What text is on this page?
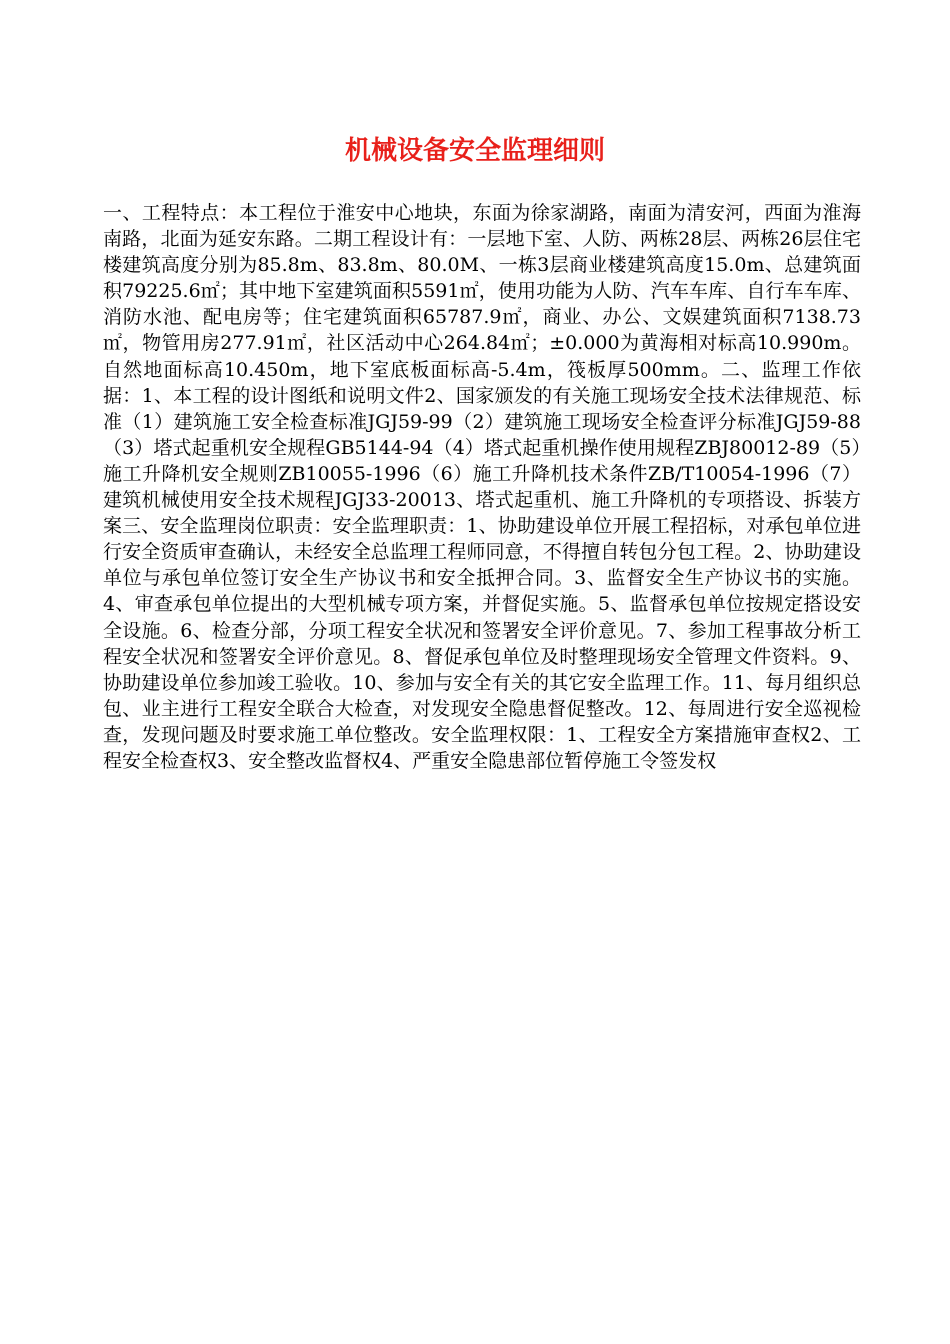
机械设备安全监理细则

一、工程特点：本工程位于淮安中心地块，东面为徐家湖路，南面为清安河，西面为淮海南路，北面为延安东路。二期工程设计有：一层地下室、人防、两栋28层、两栋26层住宅楼建筑高度分别为85.8m、83.8m、80.0M、一栋3层商业楼建筑高度15.0m、总建筑面积79225.6㎡；其中地下室建筑面积5591㎡，使用功能为人防、汽车车库、自行车车库、消防水池、配电房等；住宅建筑面积65787.9㎡，商业、办公、文娱建筑面积7138.73㎡，物管用房277.91㎡，社区活动中心264.84㎡；±0.000为黄海相对标高10.990m。自然地面标高10.450m，地下室底板面标高-5.4m，筏板厚500mm。二、监理工作依据：1、本工程的设计图纸和说明文件2、国家颁发的有关施工现场安全技术法律规范、标准（1）建筑施工安全检查标准JGJ59-99（2）建筑施工现场安全检查评分标准JGJ59-88（3）塔式起重机安全规程GB5144-94（4）塔式起重机操作使用规程ZBJ80012-89（5）施工升降机安全规则ZB10055-1996（6）施工升降机技术条件ZB/T10054-1996（7）建筑机械使用安全技术规程JGJ33-20013、塔式起重机、施工升降机的专项搭设、拆装方案三、安全监理岗位职责：安全监理职责：1、协助建设单位开展工程招标，对承包单位进行安全资质审查确认，未经安全总监理工程师同意，不得擅自转包分包工程。2、协助建设单位与承包单位签订安全生产协议书和安全抵押合同。3、监督安全生产协议书的实施。4、审查承包单位提出的大型机械专项方案，并督促实施。5、监督承包单位按规定搭设安全设施。6、检查分部，分项工程安全状况和签署安全评价意见。7、参加工程事故分析工程安全状况和签署安全评价意见。8、督促承包单位及时整理现场安全管理文件资料。9、协助建设单位参加竣工验收。10、参加与安全有关的其它安全监理工作。11、每月组织总包、业主进行工程安全联合大检查，对发现安全隐患督促整改。12、每周进行安全巡视检查，发现问题及时要求施工单位整改。安全监理权限：1、工程安全方案措施审查权2、工程安全检查权3、安全整改监督权4、严重安全隐患部位暂停施工令签发权
